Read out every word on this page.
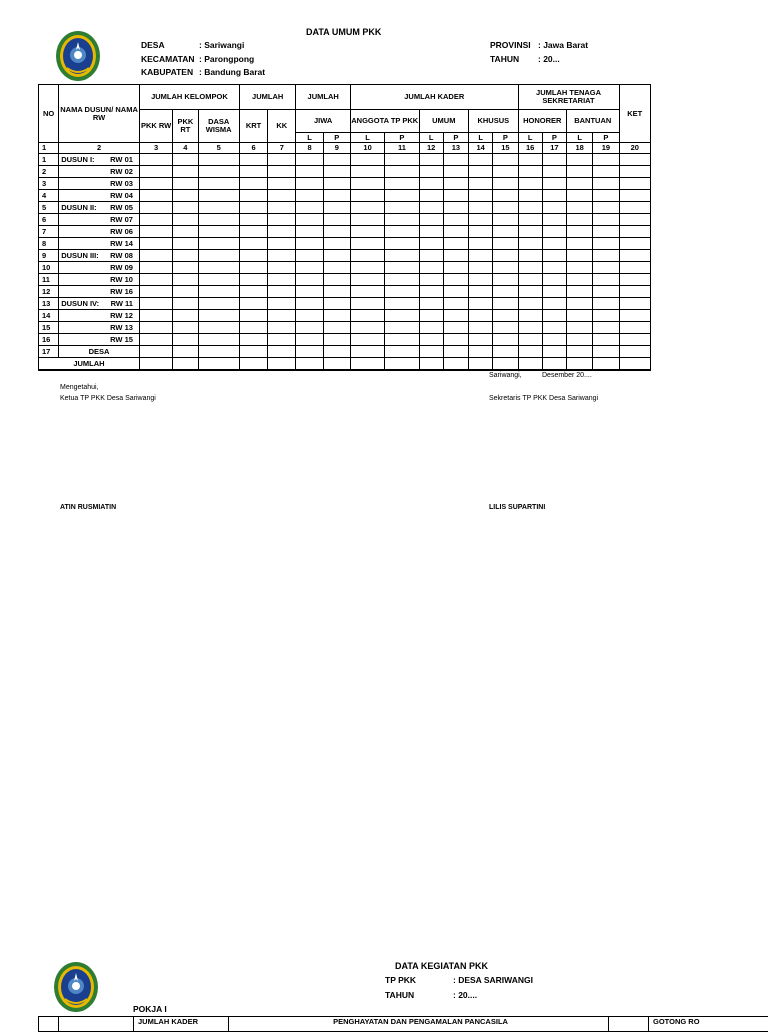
DATA UMUM PKK
DESA	: Sariwangi
KECAMATAN : Parongpong
KABUPATEN : Bandung Barat
PROVINSI : Jawa Barat
TAHUN : 20...
NO	NAMA DUSUN/ NAMA RW	JUMLAH KELOMPOK			JUMLAH		JUMLAH		JUMLAH KADER						JUMLAH TENAGA SEKRETARIAT				KET
		PKK RW	PKK RT	DASA WISMA	KRT	KK	JIWA		ANGGOTA TP PKK		UMUM		KHUSUS		HONORER		BANTUAN		
							L	P	L	P	L	P	L	P	L	P	L	P	
1	2	3	4	5	6	7	8	9	10	11	12	13	14	15	16	17	18	19	20
1	DUSUN I: RW 01																		

2	RW 02																		

3	RW 03																		

4	RW 04																		

5	DUSUN II: RW 05																		

6	RW 07																		

7	RW 06																		

8	RW 14																		

9	DUSUN III: RW 08																		

10	RW 09																		

11	RW 10																		

12	RW 16																		

13	DUSUN IV: RW 11																		

14	RW 12																		

15	RW 13																		

16	RW 15																		

17	DESA																		
JUMLAH																			
Sariwangi,	Desember 20....
Mengetahui,
Ketua TP PKK Desa Sariwangi	Sekretaris TP PKK Desa Sariwangi
ATIN RUSMIATIN	LILIS SUPARTINI
DATA KEGIATAN PKK
TP PKK	: DESA SARIWANGI
TAHUN	: 20....
POKJA I
		JUMLAH KADER	PENGHAYATAN DAN PENGAMALAN PANCASILA		GOTONG RO
